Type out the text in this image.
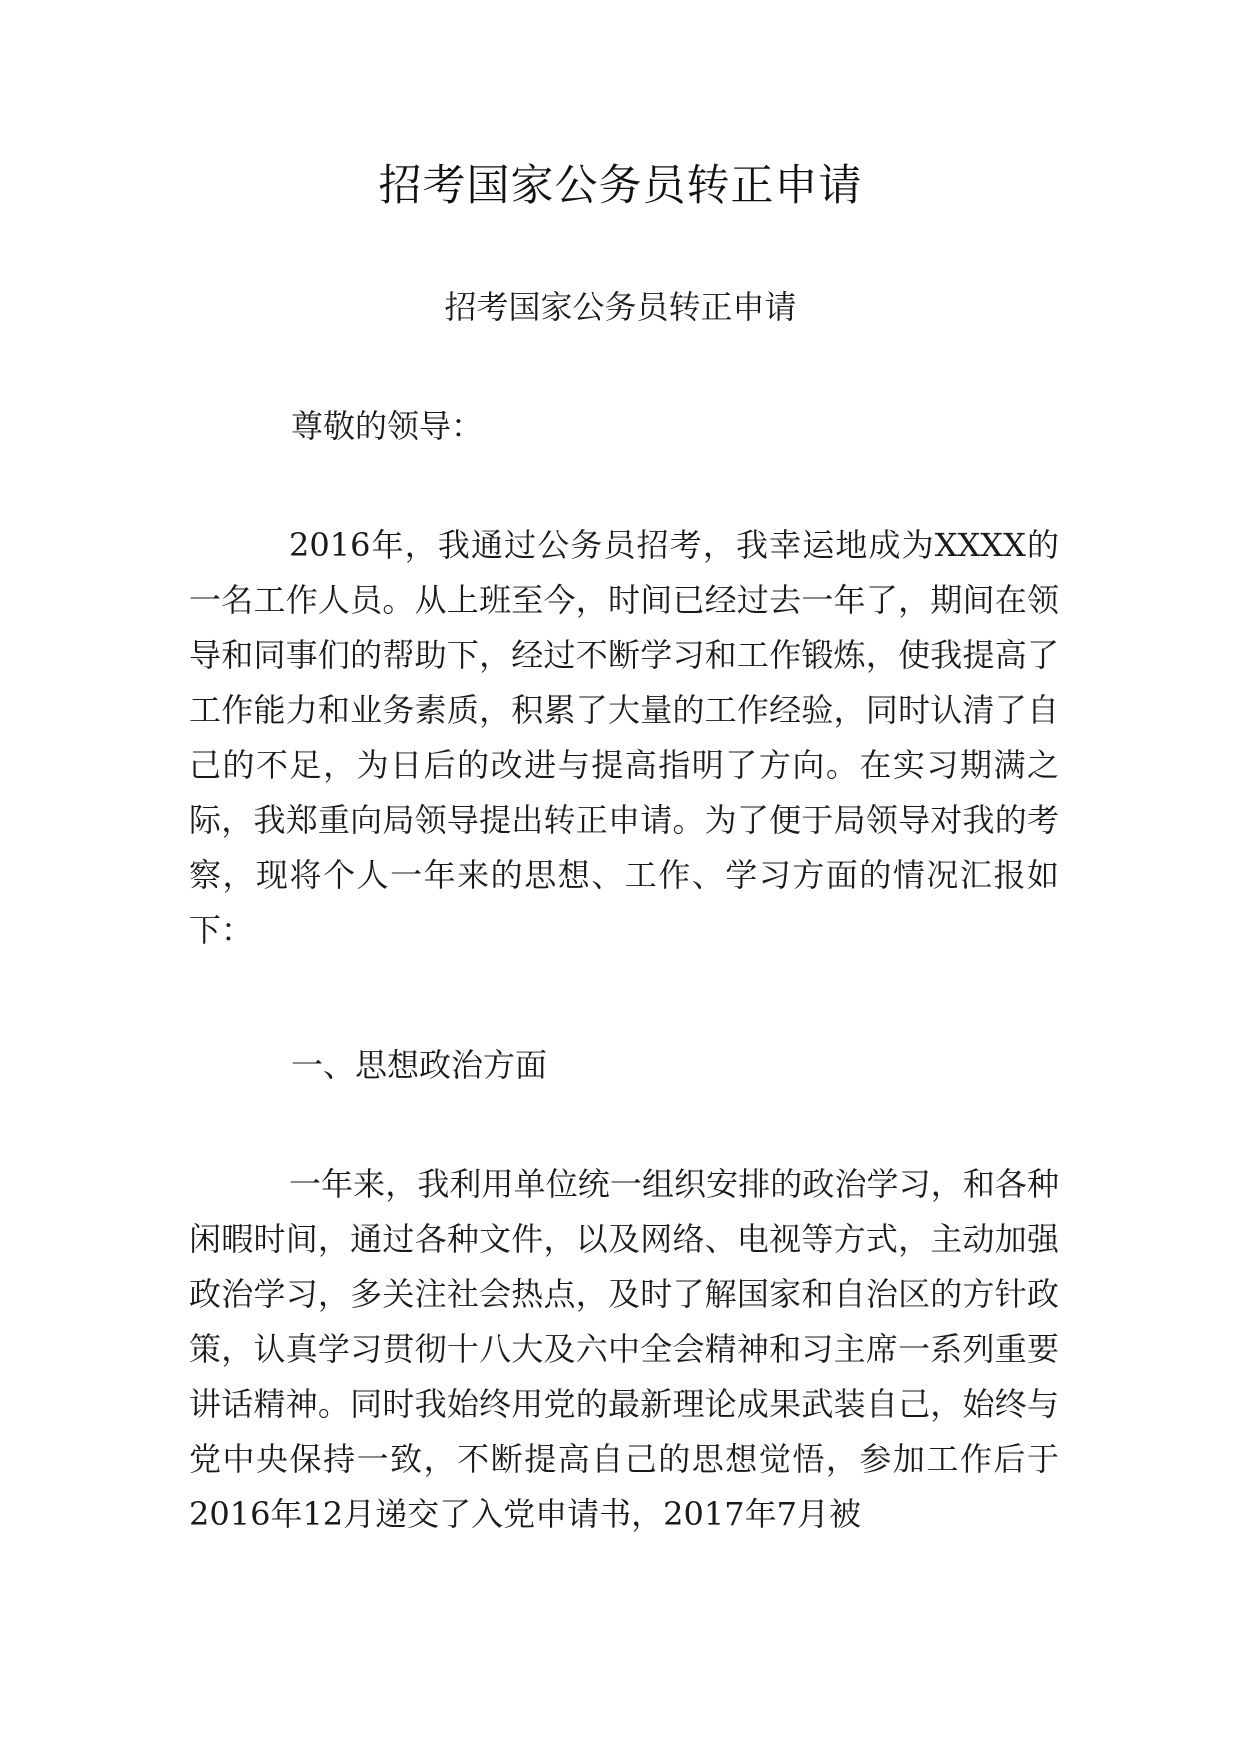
招考国家公务员转正申请

招考国家公务员转正申请

尊敬的领导：

2016年，我通过公务员招考，我幸运地成为XXXX的一名工作人员。从上班至今，时间已经过去一年了，期间在领导和同事们的帮助下，经过不断学习和工作锻炼，使我提高了工作能力和业务素质，积累了大量的工作经验，同时认清了自己的不足，为日后的改进与提高指明了方向。在实习期满之际，我郑重向局领导提出转正申请。为了便于局领导对我的考察，现将个人一年来的思想、工作、学习方面的情况汇报如下：

一、思想政治方面

一年来，我利用单位统一组织安排的政治学习，和各种闲暇时间，通过各种文件，以及网络、电视等方式，主动加强政治学习，多关注社会热点，及时了解国家和自治区的方针政策，认真学习贯彻十八大及六中全会精神和习主席一系列重要讲话精神。同时我始终用党的最新理论成果武装自己，始终与党中央保持一致，不断提高自己的思想觉悟，参加工作后于2016年12月递交了入党申请书，2017年7月被
